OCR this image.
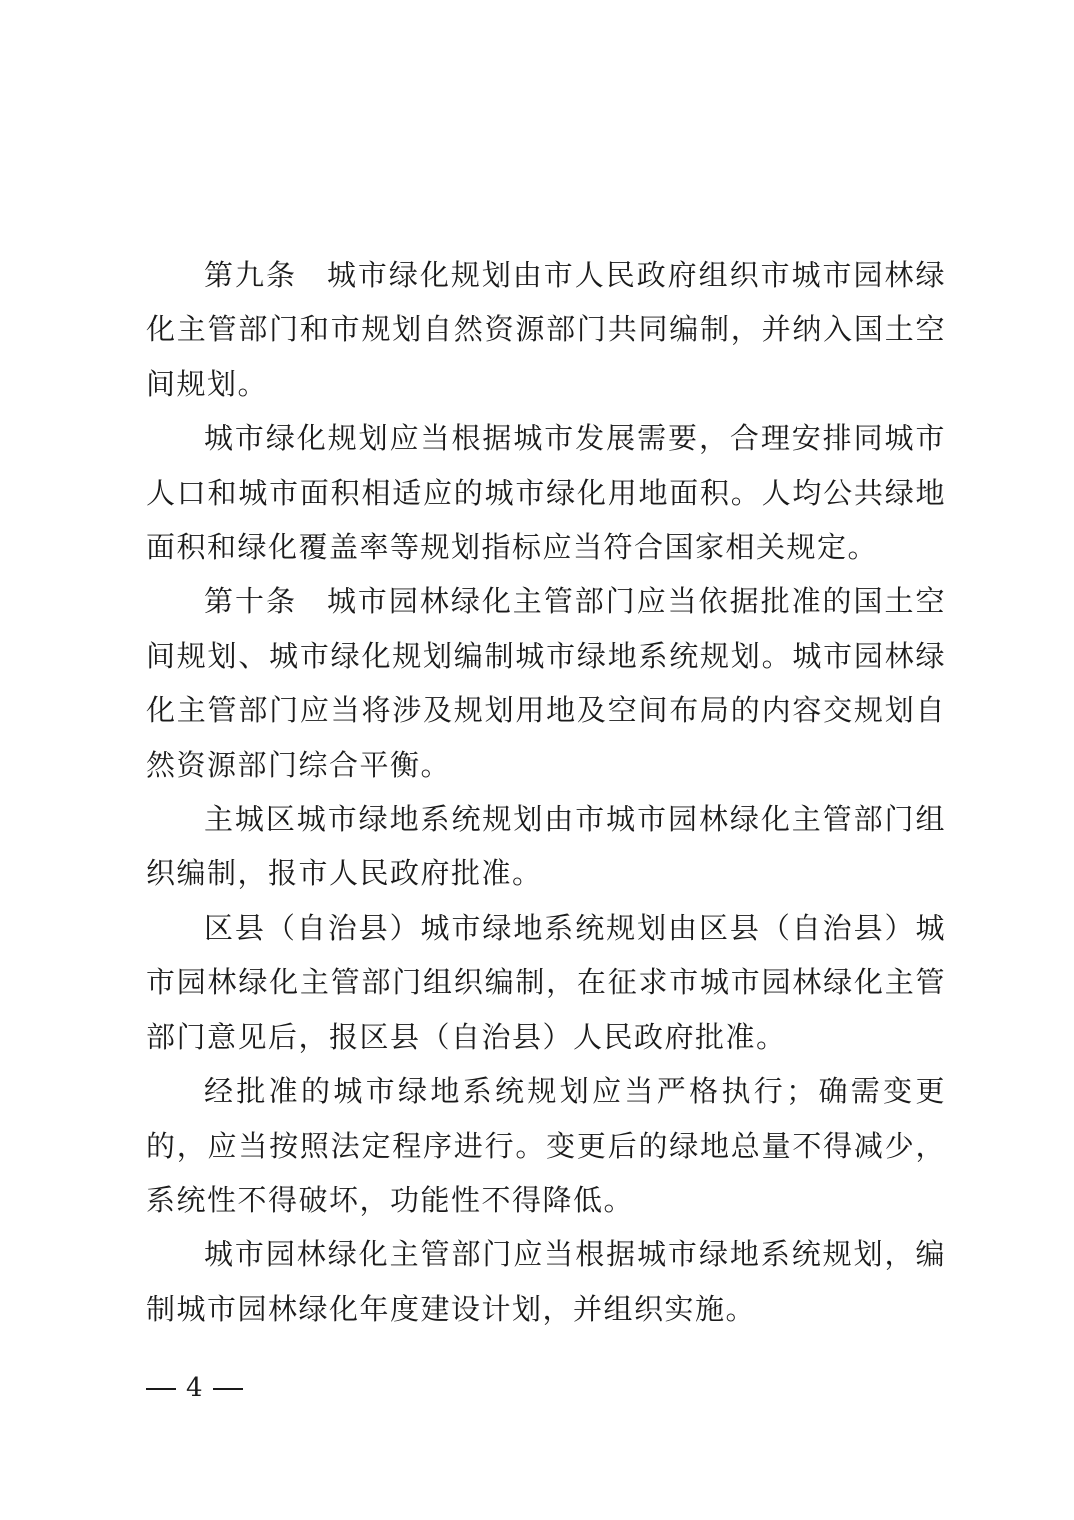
第九条 城市绿化规划由市人民政府组织市城市园林绿化主管部门和市规划自然资源部门共同编制，并纳入国土空间规划。

城市绿化规划应当根据城市发展需要，合理安排同城市人口和城市面积相适应的城市绿化用地面积。人均公共绿地面积和绿化覆盖率等规划指标应当符合国家相关规定。

第十条 城市园林绿化主管部门应当依据批准的国土空间规划、城市绿化规划编制城市绿地系统规划。城市园林绿化主管部门应当将涉及规划用地及空间布局的内容交规划自然资源部门综合平衡。

主城区城市绿地系统规划由市城市园林绿化主管部门组织编制，报市人民政府批准。

区县（自治县）城市绿地系统规划由区县（自治县）城市园林绿化主管部门组织编制，在征求市城市园林绿化主管部门意见后，报区县（自治县）人民政府批准。

经批准的城市绿地系统规划应当严格执行；确需变更的，应当按照法定程序进行。变更后的绿地总量不得减少，系统性不得破坏，功能性不得降低。

城市园林绿化主管部门应当根据城市绿地系统规划，编制城市园林绿化年度建设计划，并组织实施。

4
